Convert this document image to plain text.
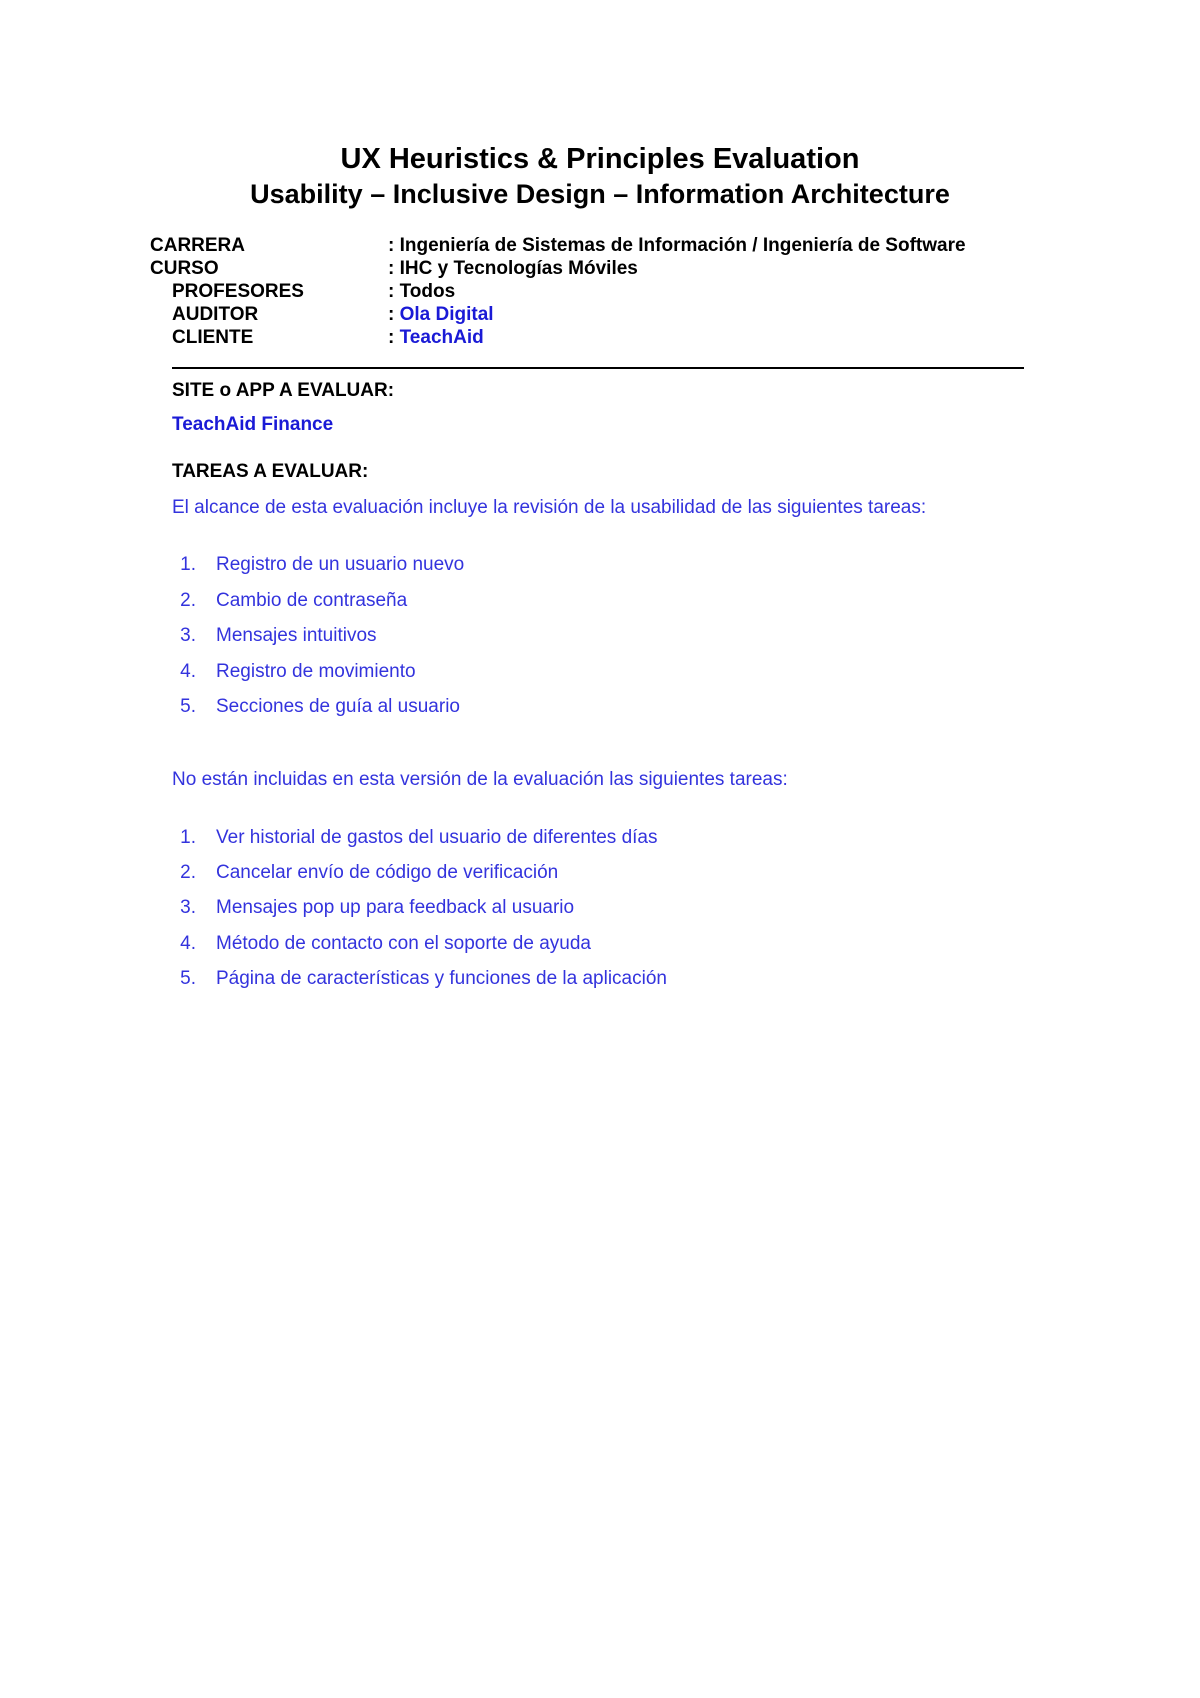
UX Heuristics & Principles Evaluation
Usability – Inclusive Design – Information Architecture
CARRERA	: Ingeniería de Sistemas de Información / Ingeniería de Software
CURSO	: IHC y Tecnologías Móviles
PROFESORES	: Todos
AUDITOR	: Ola Digital
CLIENTE	: TeachAid
SITE o APP A EVALUAR:
TeachAid Finance
TAREAS A EVALUAR:
El alcance de esta evaluación incluye la revisión de la usabilidad de las siguientes tareas:
1. Registro de un usuario nuevo
2. Cambio de contraseña
3. Mensajes intuitivos
4. Registro de movimiento
5. Secciones de guía al usuario
No están incluidas en esta versión de la evaluación las siguientes tareas:
1. Ver historial de gastos del usuario de diferentes días
2. Cancelar envío de código de verificación
3. Mensajes pop up para feedback al usuario
4. Método de contacto con el soporte de ayuda
5. Página de características y funciones de la aplicación
